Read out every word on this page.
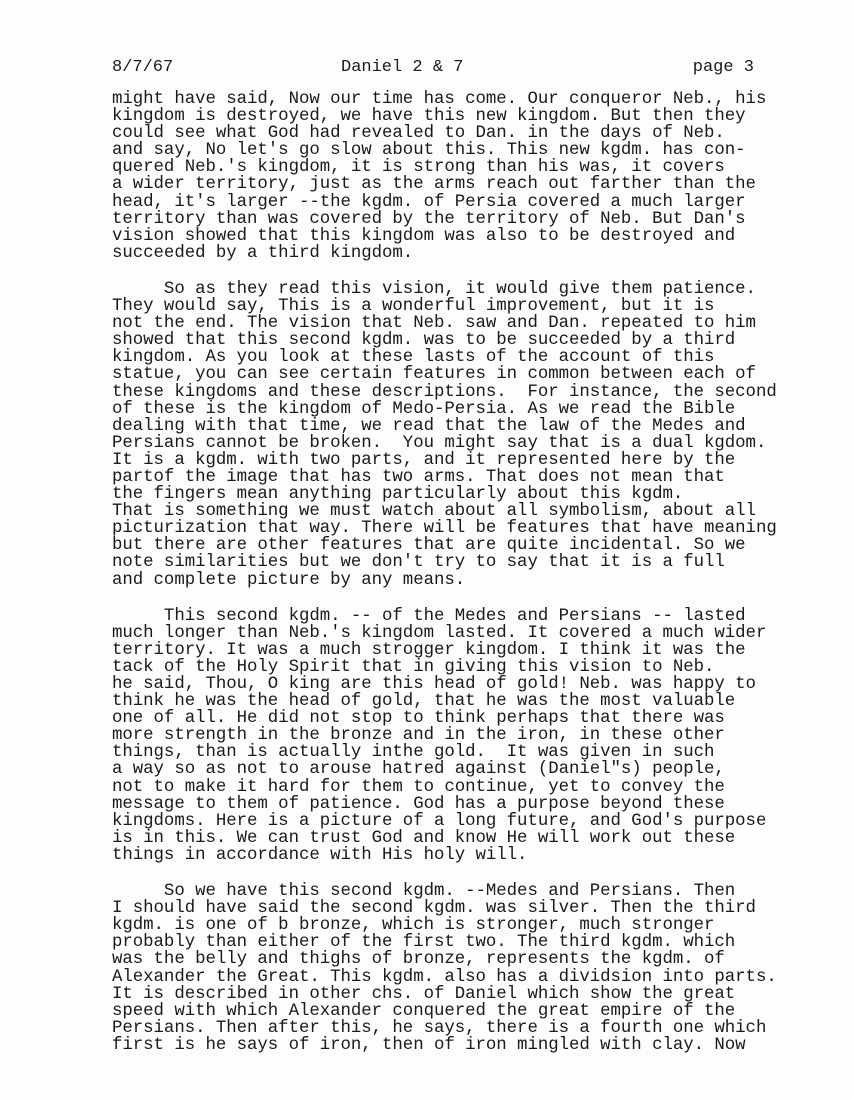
8/7/67	Daniel 2 & 7	page 3
might have said, Now our time has come. Our conqueror Neb., his
kingdom is destroyed, we have this new kingdom. But then they
could see what God had revealed to Dan. in the days of Neb.
and say, No let's go slow about this. This new kgdm. has con-
quered Neb.'s kingdom, it is strong than his was, it covers
a wider territory, just as the arms reach out farther than the
head, it's larger --the kgdm. of Persia covered a much larger
territory than was covered by the territory of Neb. But Dan's
vision showed that this kingdom was also to be destroyed and
succeeded by a third kingdom.
So as they read this vision, it would give them patience.
They would say, This is a wonderful improvement, but it is
not the end. The vision that Neb. saw and Dan. repeated to him
showed that this second kgdm. was to be succeeded by a third
kingdom. As you look at these lasts of the account of this
statue, you can see certain features in common between each of
these kingdoms and these descriptions.  For instance, the second
of these is the kingdom of Medo-Persia. As we read the Bible
dealing with that time, we read that the law of the Medes and
Persians cannot be broken.  You might say that is a dual kgdom.
It is a kgdm. with two parts, and it represented here by the
partof the image that has two arms. That does not mean that
the fingers mean anything particularly about this kgdm.
That is something we must watch about all symbolism, about all
picturization that way. There will be features that have meaning
but there are other features that are quite incidental. So we
note similarities but we don't try to say that it is a full
and complete picture by any means.
This second kgdm. -- of the Medes and Persians -- lasted
much longer than Neb.'s kingdom lasted. It covered a much wider
territory. It was a much strogger kingdom. I think it was the
tack of the Holy Spirit that in giving this vision to Neb.
he said, Thou, O king are this head of gold! Neb. was happy to
think he was the head of gold, that he was the most valuable
one of all. He did not stop to think perhaps that there was
more strength in the bronze and in the iron, in these other
things, than is actually inthe gold.  It was given in such
a way so as not to arouse hatred against (Daniel"s) people,
not to make it hard for them to continue, yet to convey the
message to them of patience. God has a purpose beyond these
kingdoms. Here is a picture of a long future, and God's purpose
is in this. We can trust God and know He will work out these
things in accordance with His holy will.
So we have this second kgdm. --Medes and Persians. Then
I should have said the second kgdm. was silver. Then the third
kgdm. is one of b bronze, which is stronger, much stronger
probably than either of the first two. The third kgdm. which
was the belly and thighs of bronze, represents the kgdm. of
Alexander the Great. This kgdm. also has a dividsion into parts.
It is described in other chs. of Daniel which show the great
speed with which Alexander conquered the great empire of the
Persians. Then after this, he says, there is a fourth one which
first is he says of iron, then of iron mingled with clay. Now
